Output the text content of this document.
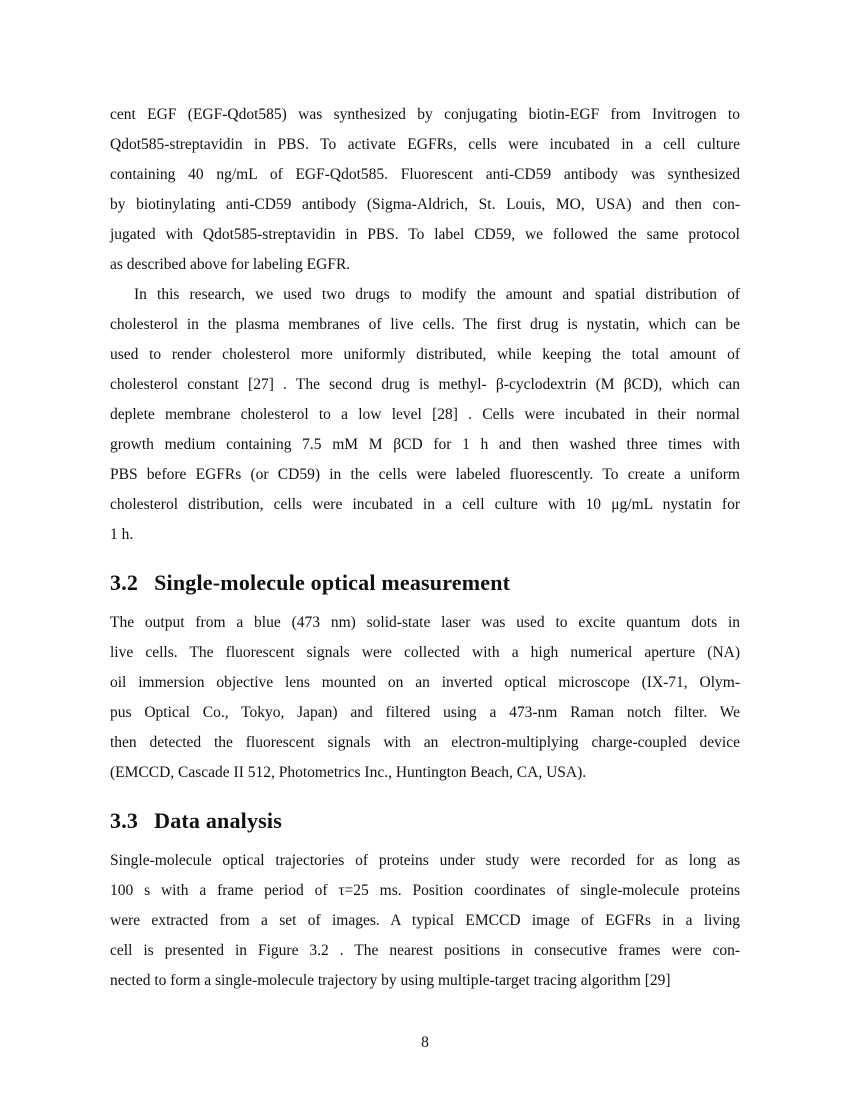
cent EGF (EGF-Qdot585) was synthesized by conjugating biotin-EGF from Invitrogen to
Qdot585-streptavidin in PBS. To activate EGFRs, cells were incubated in a cell culture
containing 40 ng/mL of EGF-Qdot585. Fluorescent anti-CD59 antibody was synthesized
by biotinylating anti-CD59 antibody (Sigma-Aldrich, St. Louis, MO, USA) and then con-
jugated with Qdot585-streptavidin in PBS. To label CD59, we followed the same protocol
as described above for labeling EGFR.
In this research, we used two drugs to modify the amount and spatial distribution of
cholesterol in the plasma membranes of live cells. The first drug is nystatin, which can be
used to render cholesterol more uniformly distributed, while keeping the total amount of
cholesterol constant [27] . The second drug is methyl- β-cyclodextrin (M βCD), which can
deplete membrane cholesterol to a low level [28] . Cells were incubated in their normal
growth medium containing 7.5 mM M βCD for 1 h and then washed three times with
PBS before EGFRs (or CD59) in the cells were labeled fluorescently. To create a uniform
cholesterol distribution, cells were incubated in a cell culture with 10 μg/mL nystatin for
1 h.
3.2 Single-molecule optical measurement
The output from a blue (473 nm) solid-state laser was used to excite quantum dots in
live cells. The fluorescent signals were collected with a high numerical aperture (NA)
oil immersion objective lens mounted on an inverted optical microscope (IX-71, Olym-
pus Optical Co., Tokyo, Japan) and filtered using a 473-nm Raman notch filter. We
then detected the fluorescent signals with an electron-multiplying charge-coupled device
(EMCCD, Cascade II 512, Photometrics Inc., Huntington Beach, CA, USA).
3.3 Data analysis
Single-molecule optical trajectories of proteins under study were recorded for as long as
100 s with a frame period of τ=25 ms. Position coordinates of single-molecule proteins
were extracted from a set of images. A typical EMCCD image of EGFRs in a living
cell is presented in Figure 3.2 . The nearest positions in consecutive frames were con-
nected to form a single-molecule trajectory by using multiple-target tracing algorithm [29]
8
